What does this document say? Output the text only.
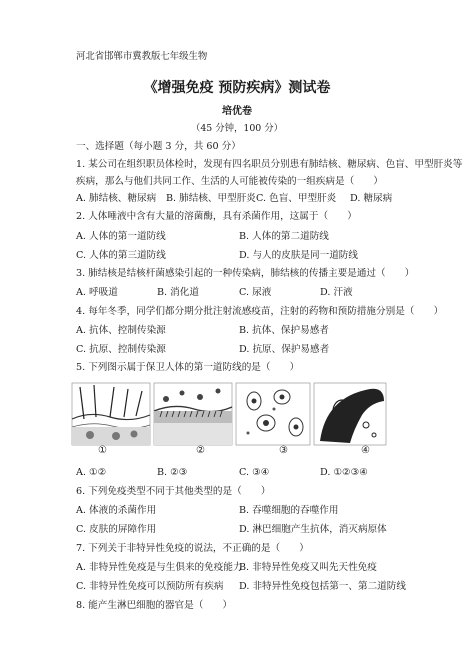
河北省邯郸市冀教版七年级生物
《增强免疫 预防疾病》测试卷
培优卷
（45 分钟，100 分）
一、选择题（每小题 3 分，共 60 分）
1. 某公司在组织职员体检时，发现有四名职员分别患有肺结核、糖尿病、色盲、甲型肝炎等
疾病，那么与他们共同工作、生活的人可能被传染的一组疾病是（　　）
A. 肺结核、糖尿病 B. 肺结核、甲型肝炎 C. 色盲、甲型肝炎 D. 糖尿病
2. 人体唾液中含有大量的溶菌酶，具有杀菌作用，这属于（　　）
A. 人体的第一道防线	B. 人体的第二道防线
C. 人体的第三道防线	D. 与人的皮肤是同一道防线
3. 肺结核是结核杆菌感染引起的一种传染病，肺结核的传播主要是通过（　　）
A. 呼吸道	B. 消化道	C. 尿液	D. 汗液
4. 每年冬季，同学们都分期分批注射流感疫苗，注射的药物和预防措施分别是（　　）
A. 抗体、控制传染源	B. 抗体、保护易感者
C. 抗原、控制传染源	D. 抗原、保护易感者
5. 下列图示属于保卫人体的第一道防线的是（　　）
①	②	③	④
A. ①②	B. ②③	C. ③④	D. ①②③④
6. 下列免疫类型不同于其他类型的是（　　）
A. 体液的杀菌作用	B. 吞噬细胞的吞噬作用
C. 皮肤的屏障作用	D. 淋巴细胞产生抗体，消灭病原体
7. 下列关于非特异性免疫的说法，不正确的是（　　）
A. 非特异性免疫是与生俱来的免疫能力
B. 非特异性免疫又叫先天性免疫
C. 非特异性免疫可以预防所有疾病 D. 非特异性免疫包括第一、第二道防线
8. 能产生淋巴细胞的器官是（　　）
